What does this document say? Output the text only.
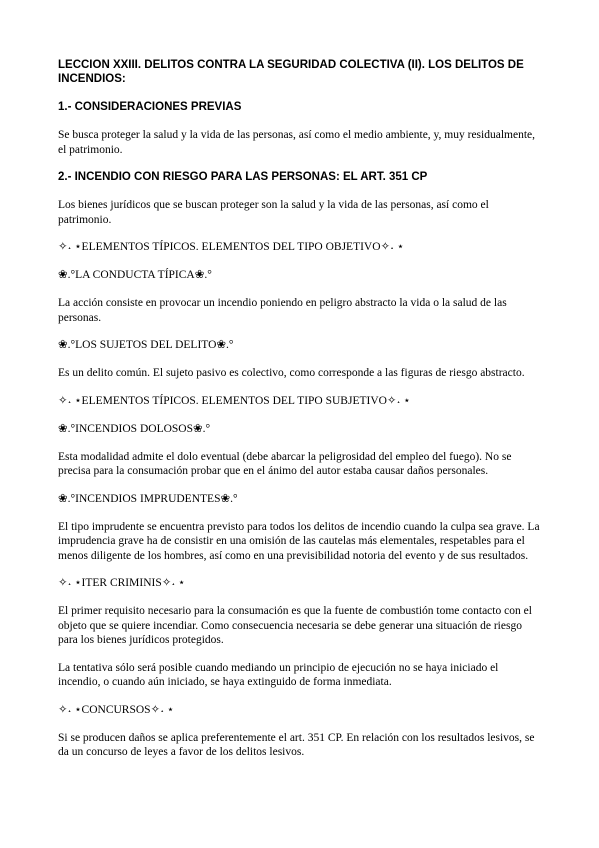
LECCION XXIII. DELITOS CONTRA LA SEGURIDAD COLECTIVA (II). LOS DELITOS DE INCENDIOS:
1.- CONSIDERACIONES PREVIAS
Se busca proteger la salud y la vida de las personas, así como el medio ambiente, y, muy residualmente, el patrimonio.
2.- INCENDIO CON RIESGO PARA LAS PERSONAS: EL ART. 351 CP
Los bienes jurídicos que se buscan proteger son la salud y la vida de las personas, así como el patrimonio.
✧˖ ⋆ELEMENTOS TÍPICOS. ELEMENTOS DEL TIPO OBJETIVO✧˖ ⋆
❀.°LA CONDUCTA TÍPICA❀.°
La acción consiste en provocar un incendio poniendo en peligro abstracto la vida o la salud de las personas.
❀.°LOS SUJETOS DEL DELITO❀.°
Es un delito común. El sujeto pasivo es colectivo, como corresponde a las figuras de riesgo abstracto.
✧˖ ⋆ELEMENTOS TÍPICOS. ELEMENTOS DEL TIPO SUBJETIVO✧˖ ⋆
❀.°INCENDIOS DOLOSOS❀.°
Esta modalidad admite el dolo eventual (debe abarcar la peligrosidad del empleo del fuego). No se precisa para la consumación probar que en el ánimo del autor estaba causar daños personales.
❀.°INCENDIOS IMPRUDENTES❀.°
El tipo imprudente se encuentra previsto para todos los delitos de incendio cuando la culpa sea grave. La imprudencia grave ha de consistir en una omisión de las cautelas más elementales, respetables para el menos diligente de los hombres, así como en una previsibilidad notoria del evento y de sus resultados.
✧˖ ⋆ITER CRIMINIS✧˖ ⋆
El primer requisito necesario para la consumación es que la fuente de combustión tome contacto con el objeto que se quiere incendiar. Como consecuencia necesaria se debe generar una situación de riesgo para los bienes jurídicos protegidos.
La tentativa sólo será posible cuando mediando un principio de ejecución no se haya iniciado el incendio, o cuando aún iniciado, se haya extinguido de forma inmediata.
✧˖ ⋆CONCURSOS✧˖ ⋆
Si se producen daños se aplica preferentemente el art. 351 CP. En relación con los resultados lesivos, se da un concurso de leyes a favor de los delitos lesivos.
